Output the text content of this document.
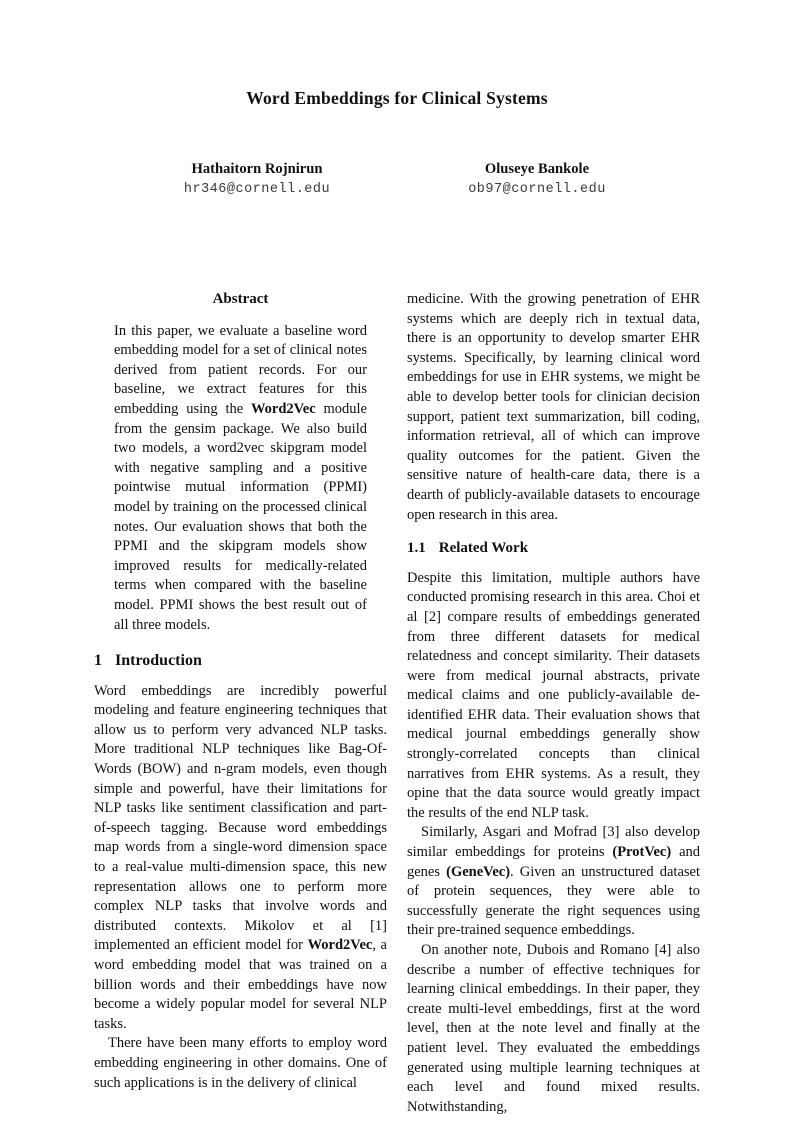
Word Embeddings for Clinical Systems
Hathaitorn Rojnirun
hr346@cornell.edu
Oluseye Bankole
ob97@cornell.edu
Abstract

In this paper, we evaluate a baseline word embedding model for a set of clinical notes derived from patient records. For our baseline, we extract features for this embedding using the Word2Vec module from the gensim package. We also build two models, a word2vec skipgram model with negative sampling and a positive pointwise mutual information (PPMI) model by training on the processed clinical notes. Our evaluation shows that both the PPMI and the skipgram models show improved results for medically-related terms when compared with the baseline model. PPMI shows the best result out of all three models.

1 Introduction

Word embeddings are incredibly powerful modeling and feature engineering techniques that allow us to perform very advanced NLP tasks. More traditional NLP techniques like Bag-Of-Words (BOW) and n-gram models, even though simple and powerful, have their limitations for NLP tasks like sentiment classification and part-of-speech tagging. Because word embeddings map words from a single-word dimension space to a real-value multi-dimension space, this new representation allows one to perform more complex NLP tasks that involve words and distributed contexts. Mikolov et al [1] implemented an efficient model for Word2Vec, a word embedding model that was trained on a billion words and their embeddings have now become a widely popular model for several NLP tasks.

There have been many efforts to employ word embedding engineering in other domains. One of such applications is in the delivery of clinical

medicine. With the growing penetration of EHR systems which are deeply rich in textual data, there is an opportunity to develop smarter EHR systems. Specifically, by learning clinical word embeddings for use in EHR systems, we might be able to develop better tools for clinician decision support, patient text summarization, bill coding, information retrieval, all of which can improve quality outcomes for the patient. Given the sensitive nature of health-care data, there is a dearth of publicly-available datasets to encourage open research in this area.

1.1 Related Work

Despite this limitation, multiple authors have conducted promising research in this area. Choi et al [2] compare results of embeddings generated from three different datasets for medical relatedness and concept similarity. Their datasets were from medical journal abstracts, private medical claims and one publicly-available de-identified EHR data. Their evaluation shows that medical journal embeddings generally show strongly-correlated concepts than clinical narratives from EHR systems. As a result, they opine that the data source would greatly impact the results of the end NLP task.

Similarly, Asgari and Mofrad [3] also develop similar embeddings for proteins (ProtVec) and genes (GeneVec). Given an unstructured dataset of protein sequences, they were able to successfully generate the right sequences using their pre-trained sequence embeddings.

On another note, Dubois and Romano [4] also describe a number of effective techniques for learning clinical embeddings. In their paper, they create multi-level embeddings, first at the word level, then at the note level and finally at the patient level. They evaluated the embeddings generated using multiple learning techniques at each level and found mixed results. Notwithstanding,
